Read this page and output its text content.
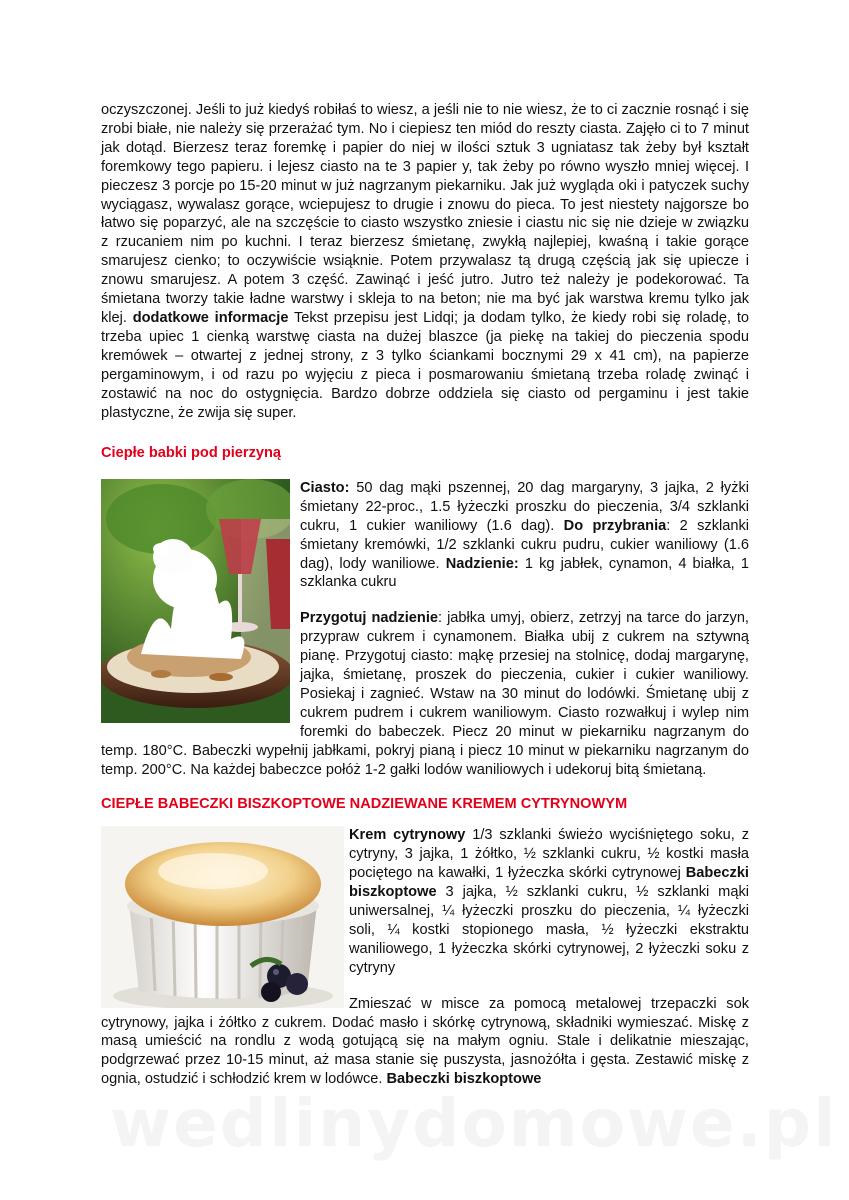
oczyszczonej. Jeśli to już kiedyś robiłaś to wiesz, a jeśli nie to nie wiesz, że to ci zacznie rosnąć i się zrobi białe, nie należy się przerażać tym. No i ciepiesz ten miód do reszty ciasta. Zajęło ci to 7 minut jak dotąd. Bierzesz teraz foremkę i papier do niej w ilości sztuk 3 ugniatasz tak żeby był kształt foremkowy tego papieru. i lejesz ciasto na te 3 papier y, tak żeby po równo wyszło mniej więcej. I pieczesz 3 porcje po 15-20 minut w już nagrzanym piekarniku. Jak już wygląda oki i patyczek suchy wyciągasz, wywalasz gorące, wciepujesz to drugie i znowu do pieca. To jest niestety najgorsze bo łatwo się poparzyć, ale na szczęście to ciasto wszystko zniesie i ciastu nic się nie dzieje w związku z rzucaniem nim po kuchni. I teraz bierzesz śmietanę, zwykłą najlepiej, kwaśną i takie gorące smarujesz cienko; to oczywiście wsiąknie. Potem przywalasz tą drugą częścią jak się upiecze i znowu smarujesz. A potem 3 część. Zawinąć i jeść jutro. Jutro też należy je podekorować. Ta śmietana tworzy takie ładne warstwy i skleja to na beton; nie ma być jak warstwa kremu tylko jak klej. dodatkowe informacje Tekst przepisu jest Lidqi; ja dodam tylko, że kiedy robi się roladę, to trzeba upiec 1 cienką warstwę ciasta na dużej blaszce (ja piekę na takiej do pieczenia spodu kremówek – otwartej z jednej strony, z 3 tylko ściankami bocznymi 29 x 41 cm), na papierze pergaminowym, i od razu po wyjęciu z pieca i posmarowaniu śmietaną trzeba roladę zwinąć i zostawić na noc do ostygnięcia. Bardzo dobrze oddziela się ciasto od pergaminu i jest takie plastyczne, że zwija się super.

Ciepłe babki pod pierzyną

Ciasto: 50 dag mąki pszennej, 20 dag margaryny, 3 jajka, 2 łyżki śmietany 22-proc., 1.5 łyżeczki proszku do pieczenia, 3/4 szklanki cukru, 1 cukier waniliowy (1.6 dag). Do przybrania: 2 szklanki śmietany kremówki, 1/2 szklanki cukru pudru, cukier waniliowy (1.6 dag), lody waniliowe. Nadzienie: 1 kg jabłek, cynamon, 4 białka, 1 szklanka cukru

Przygotuj nadzienie: jabłka umyj, obierz, zetrzyj na tarce do jarzyn, przypraw cukrem i cynamonem. Białka ubij z cukrem na sztywną pianę. Przygotuj ciasto: mąkę przesiej na stolnicę, dodaj margarynę, jajka, śmietanę, proszek do pieczenia, cukier i cukier waniliowy. Posiekaj i zagnieć. Wstaw na 30 minut do lodówki. Śmietanę ubij z cukrem pudrem i cukrem waniliowym. Ciasto rozwałkuj i wylep nim foremki do babeczek. Piecz 20 minut w piekarniku nagrzanym do temp. 180°C. Babeczki wypełnij jabłkami, pokryj pianą i piecz 10 minut w piekarniku nagrzanym do temp. 200°C. Na każdej babeczce połóż 1-2 gałki lodów waniliowych i udekoruj bitą śmietaną.

CIEPŁE BABECZKI BISZKOPTOWE NADZIEWANE KREMEM CYTRYNOWYM

Krem cytrynowy 1/3 szklanki świeżo wyciśniętego soku, z cytryny, 3 jajka, 1 żółtko, ½ szklanki cukru, ½ kostki masła pociętego na kawałki, 1 łyżeczka skórki cytrynowej Babeczki biszkoptowe 3 jajka, ½ szklanki cukru, ½ szklanki mąki uniwersalnej, ¼ łyżeczki proszku do pieczenia, ¼ łyżeczki soli, ¼ kostki stopionego masła, ½ łyżeczki ekstraktu waniliowego, 1 łyżeczka skórki cytrynowej, 2 łyżeczki soku z cytryny

Zmieszać w misce za pomocą metalowej trzepaczki sok cytrynowy, jajka i żółtko z cukrem. Dodać masło i skórkę cytrynową, składniki wymieszać. Miskę z masą umieścić na rondlu z wodą gotującą się na małym ogniu. Stale i delikatnie mieszając, podgrzewać przez 10-15 minut, aż masa stanie się puszysta, jasnożółta i gęsta. Zestawić miskę z ognia, ostudzić i schłodzić krem w lodówce. Babeczki biszkoptowe

wedlinydomowe.pl
